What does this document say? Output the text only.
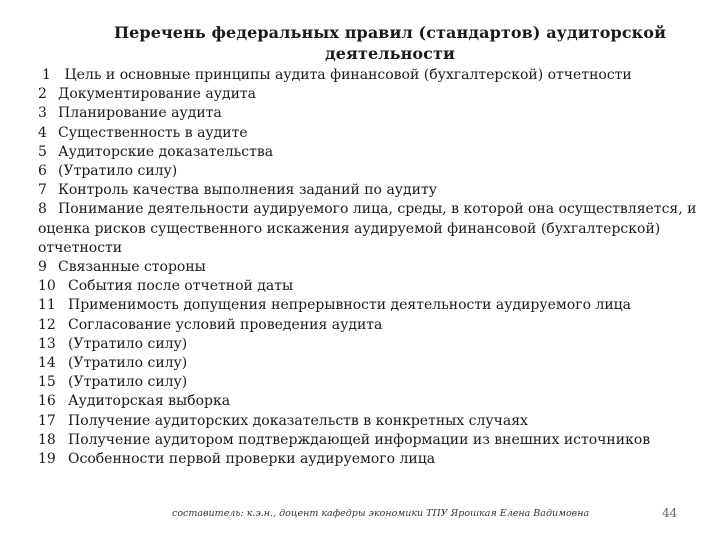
Перечень федеральных правил (стандартов) аудиторской деятельности
1 Цель и основные принципы аудита финансовой (бухгалтерской) отчетности
2 Документирование аудита
3 Планирование аудита
4 Существенность в аудите
5 Аудиторские доказательства
6 (Утратило силу)
7 Контроль качества выполнения заданий по аудиту
8 Понимание деятельности аудируемого лица, среды, в которой она осуществляется, и оценка рисков существенного искажения аудируемой финансовой (бухгалтерской) отчетности
9 Связанные стороны
10 События после отчетной даты
11 Применимость допущения непрерывности деятельности аудируемого лица
12 Согласование условий проведения аудита
13 (Утратило силу)
14 (Утратило силу)
15 (Утратило силу)
16 Аудиторская выборка
17 Получение аудиторских доказательств в конкретных случаях
18 Получение аудитором подтверждающей информации из внешних источников
19 Особенности первой проверки аудируемого лица
составитель: к.э.н., доцент кафедры экономики ТПУ Ярошкая Елена Вадимовна	44
